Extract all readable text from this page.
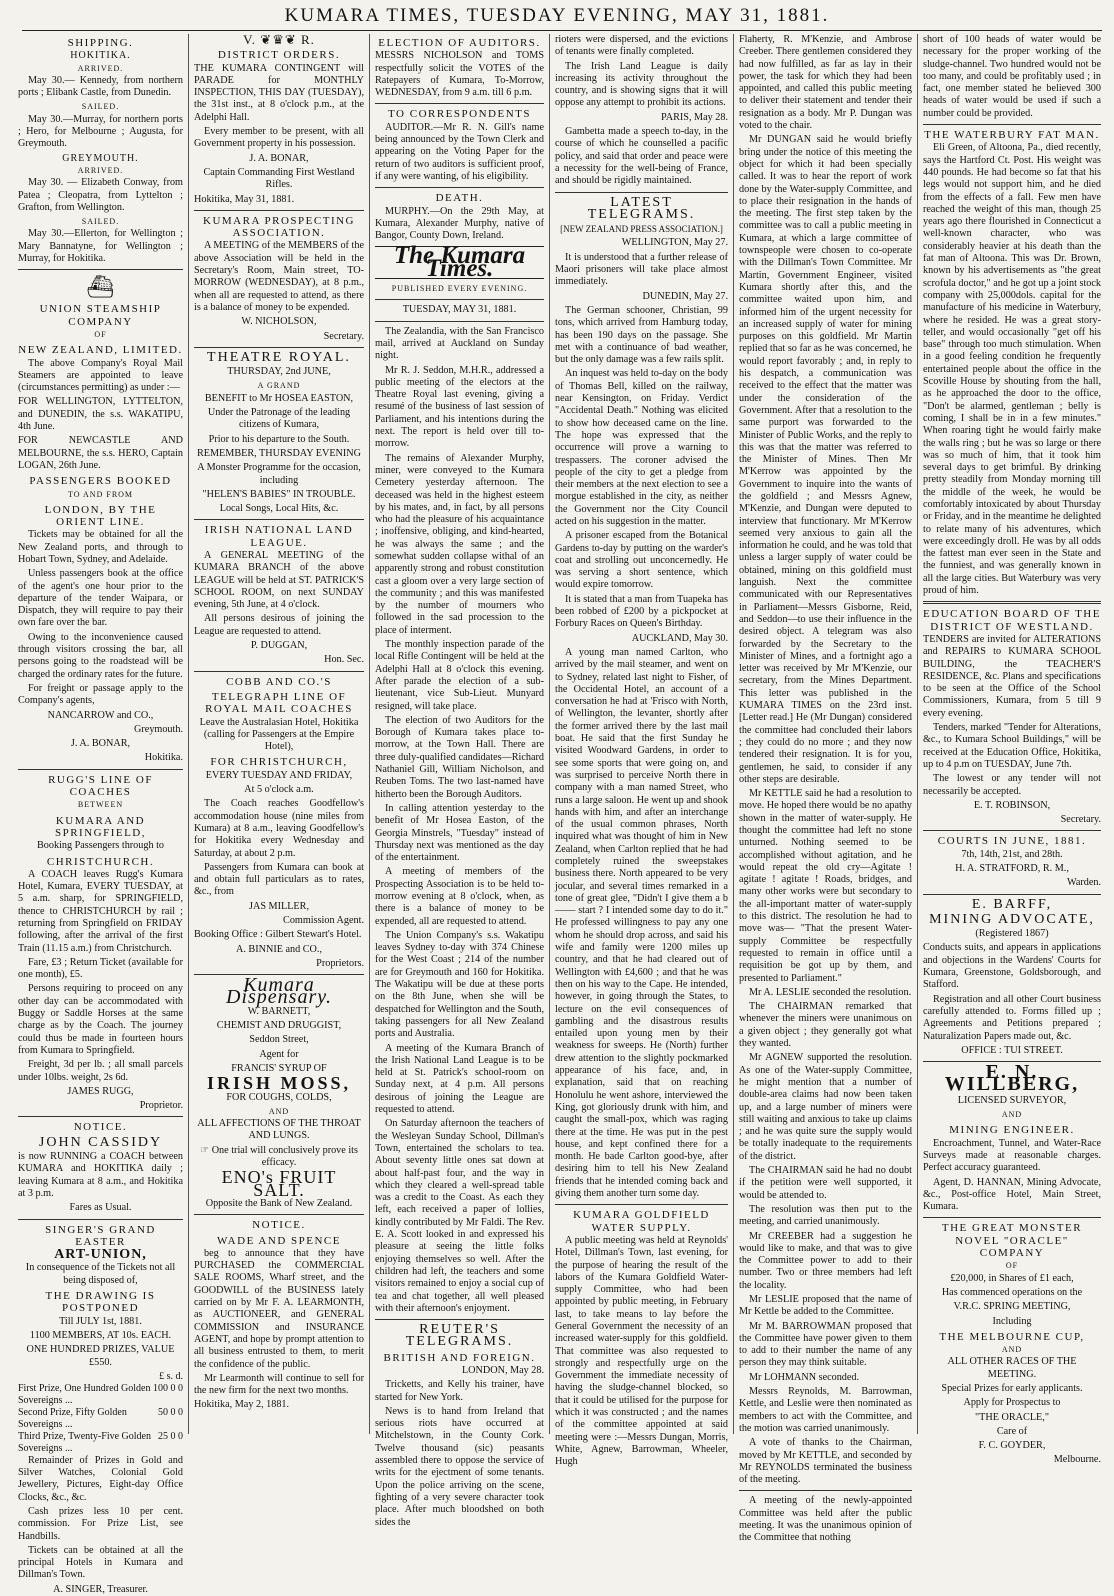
KUMARA TIMES, TUESDAY EVENING, MAY 31, 1881.
SHIPPING.
HOKITIKA.
ARRIVED.

May 30.— Kennedy, from northern ports ; Elibank Castle, from Dunedin.

SAILED.

May 30.—Murray, for northern ports ; Hero, for Melbourne ; Augusta, for Greymouth.

GREYMOUTH.
ARRIVED.

May 30. — Elizabeth Conway, from Patea ; Cleopatra, from Lyttelton ; Grafton, from Wellington.

SAILED.

May 30.—Ellerton, for Wellington ; Mary Bannatyne, for Wellington ; Murray, for Hokitika.

⛴
UNION STEAMSHIP COMPANY
OF
NEW ZEALAND, LIMITED.

The above Company's Royal Mail Steamers are appointed to leave (circumstances permitting) as under :—

FOR WELLINGTON, LYTTELTON, and DUNEDIN, the s.s. WAKATIPU, 4th June.

FOR NEWCASTLE AND MELBOURNE, the s.s. HERO, Captain LOGAN, 26th June.

PASSENGERS BOOKED
TO AND FROM
LONDON, BY THE ORIENT LINE.

Tickets may be obtained for all the New Zealand ports, and through to Hobart Town, Sydney, and Adelaide.

Unless passengers book at the office of the agent's one hour prior to the departure of the tender Waipara, or Dispatch, they will require to pay their own fare over the bar.

Owing to the inconvenience caused through visitors crossing the bar, all persons going to the roadstead will be charged the ordinary rates for the future.

For freight or passage apply to the Company's agents,

NANCARROW and CO.,

Greymouth.

J. A. BONAR,

Hokitika.

RUGG'S LINE OF COACHES
BETWEEN
KUMARA AND SPRINGFIELD,

Booking Passengers through to

CHRISTCHURCH.

A COACH leaves Rugg's Kumara Hotel, Kumara, EVERY TUESDAY, at 5 a.m. sharp, for SPRINGFIELD, thence to CHRISTCHURCH by rail ; returning from Springfield on FRIDAY following, after the arrival of the first Train (11.15 a.m.) from Christchurch.

Fare, £3 ; Return Ticket (available for one month), £5.

Persons requiring to proceed on any other day can be accommodated with Buggy or Saddle Horses at the same charge as by the Coach. The journey could thus be made in fourteen hours from Kumara to Springfield.

Freight, 3d per lb. ; all small parcels under 10lbs. weight, 2s 6d.

JAMES RUGG,

Proprietor.

NOTICE.
JOHN CASSIDY

is now RUNNING a COACH between KUMARA and HOKITIKA daily ; leaving Kumara at 8 a.m., and Hokitika at 3 p.m.

Fares as Usual.

SINGER'S GRAND EASTER
ART-UNION,

In consequence of the Tickets not all being disposed of,

THE DRAWING IS POSTPONED

Till JULY 1st, 1881.

1100 MEMBERS, AT 10s. EACH.

ONE HUNDRED PRIZES, VALUE £550.

	£ s. d.
First Prize, One Hundred Golden Sovereigns ...	100 0 0
Second Prize, Fifty Golden Sovereigns ...	50 0 0
Third Prize, Twenty-Five Golden Sovereigns ...	25 0 0

Remainder of Prizes in Gold and Silver Watches, Colonial Gold Jewellery, Pictures, Eight-day Office Clocks, &c., &c.

Cash prizes less 10 per cent. commission. For Prize List, see Handbills.

Tickets can be obtained at all the principal Hotels in Kumara and Dillman's Town.

A. SINGER, Treasurer.

V. ❦♛❦ R.
DISTRICT ORDERS.

THE KUMARA CONTINGENT will PARADE for MONTHLY INSPECTION, THIS DAY (TUESDAY), the 31st inst., at 8 o'clock p.m., at the Adelphi Hall.

Every member to be present, with all Government property in his possession.

J. A. BONAR,

Captain Commanding First Westland Rifles.

Hokitika, May 31, 1881.

KUMARA PROSPECTING ASSOCIATION.

A MEETING of the MEMBERS of the above Association will be held in the Secretary's Room, Main street, TO-MORROW (WEDNESDAY), at 8 p.m., when all are requested to attend, as there is a balance of money to be expended.

W. NICHOLSON,

Secretary.

THEATRE ROYAL.

THURSDAY, 2nd JUNE,

A GRAND

BENEFIT to Mr HOSEA EASTON,

Under the Patronage of the leading citizens of Kumara,

Prior to his departure to the South.

REMEMBER, THURSDAY EVENING

A Monster Programme for the occasion, including

"HELEN'S BABIES" IN TROUBLE.

Local Songs, Local Hits, &c.

IRISH NATIONAL LAND LEAGUE.

A GENERAL MEETING of the KUMARA BRANCH of the above LEAGUE will be held at ST. PATRICK'S SCHOOL ROOM, on next SUNDAY evening, 5th June, at 4 o'clock.

All persons desirous of joining the League are requested to attend.

P. DUGGAN,

Hon. Sec.

COBB AND CO.'S
TELEGRAPH LINE OF ROYAL MAIL COACHES

Leave the Australasian Hotel, Hokitika (calling for Passengers at the Empire Hotel),

FOR CHRISTCHURCH,

EVERY TUESDAY AND FRIDAY,

At 5 o'clock a.m.

The Coach reaches Goodfellow's accommodation house (nine miles from Kumara) at 8 a.m., leaving Goodfellow's for Hokitika every Wednesday and Saturday, at about 2 p.m.

Passengers from Kumara can book at and obtain full particulars as to rates, &c., from

JAS MILLER,

Commission Agent.

Booking Office : Gilbert Stewart's Hotel.

A. BINNIE and CO.,

Proprietors.

Kumara Dispensary.

W. BARNETT,

CHEMIST AND DRUGGIST,

Seddon Street,

Agent for

FRANCIS' SYRUP OF

IRISH MOSS,

FOR COUGHS, COLDS,

AND

ALL AFFECTIONS OF THE THROAT AND LUNGS.

☞ One trial will conclusively prove its efficacy.

ENO's FRUIT SALT.

Opposite the Bank of New Zealand.

NOTICE.
WADE AND SPENCE

beg to announce that they have PURCHASED the COMMERCIAL SALE ROOMS, Wharf street, and the GOODWILL of the BUSINESS lately carried on by Mr F. A. LEARMONTH, as AUCTIONEER, and GENERAL COMMISSION and INSURANCE AGENT, and hope by prompt attention to all business entrusted to them, to merit the confidence of the public.

Mr Learmonth will continue to sell for the new firm for the next two months.

Hokitika, May 2, 1881.

ELECTION OF AUDITORS.

MESSRS NICHOLSON and TOMS respectfully solicit the VOTES of the Ratepayers of Kumara, To-Morrow, WEDNESDAY, from 9 a.m. till 6 p.m.

TO CORRESPONDENTS

AUDITOR.—Mr R. N. Gill's name being announced by the Town Clerk and appearing on the Voting Paper for the return of two auditors is sufficient proof, if any were wanting, of his eligibility.

DEATH.

MURPHY.—On the 29th May, at Kumara, Alexander Murphy, native of Bangor, County Down, Ireland.

The Kumara Times.
PUBLISHED EVERY EVENING.

TUESDAY, MAY 31, 1881.

The Zealandia, with the San Francisco mail, arrived at Auckland on Sunday night.

Mr R. J. Seddon, M.H.R., addressed a public meeting of the electors at the Theatre Royal last evening, giving a resumé of the business of last session of Parliament, and his intentions during the next. The report is held over till to-morrow.

The remains of Alexander Murphy, miner, were conveyed to the Kumara Cemetery yesterday afternoon. The deceased was held in the highest esteem by his mates, and, in fact, by all persons who had the pleasure of his acquaintance ; inoffensive, obliging, and kind-hearted, he was always the same ; and the somewhat sudden collapse withal of an apparently strong and robust constitution cast a gloom over a very large section of the community ; and this was manifested by the number of mourners who followed in the sad procession to the place of interment.

The monthly inspection parade of the local Rifle Contingent will be held at the Adelphi Hall at 8 o'clock this evening. After parade the election of a sub-lieutenant, vice Sub-Lieut. Munyard resigned, will take place.

The election of two Auditors for the Borough of Kumara takes place to-morrow, at the Town Hall. There are three duly-qualified candidates—Richard Nathaniel Gill, William Nicholson, and Reuben Toms. The two last-named have hitherto been the Borough Auditors.

In calling attention yesterday to the benefit of Mr Hosea Easton, of the Georgia Minstrels, "Tuesday" instead of Thursday next was mentioned as the day of the entertainment.

A meeting of members of the Prospecting Association is to be held to-morrow evening at 8 o'clock, when, as there is a balance of money to be expended, all are requested to attend.

The Union Company's s.s. Wakatipu leaves Sydney to-day with 374 Chinese for the West Coast ; 214 of the number are for Greymouth and 160 for Hokitika. The Wakatipu will be due at these ports on the 8th June, when she will be despatched for Wellington and the South, taking passengers for all New Zealand ports and Australia.

A meeting of the Kumara Branch of the Irish National Land League is to be held at St. Patrick's school-room on Sunday next, at 4 p.m. All persons desirous of joining the League are requested to attend.

On Saturday afternoon the teachers of the Wesleyan Sunday School, Dillman's Town, entertained the scholars to tea. About seventy little ones sat down at about half-past four, and the way in which they cleared a well-spread table was a credit to the Coast. As each they left, each received a paper of lollies, kindly contributed by Mr Faldi. The Rev. E. A. Scott looked in and expressed his pleasure at seeing the little folks enjoying themselves so well. After the children had left, the teachers and some visitors remained to enjoy a social cup of tea and chat together, all well pleased with their afternoon's enjoyment.

REUTER'S TELEGRAMS.
BRITISH AND FOREIGN.

LONDON, May 28.

Tricketts, and Kelly his trainer, have started for New York.

News is to hand from Ireland that serious riots have occurred at Mitchelstown, in the County Cork. Twelve thousand (sic) peasants assembled there to oppose the service of writs for the ejectment of some tenants. Upon the police arriving on the scene, fighting of a very severe character took place. After much bloodshed on both sides the

rioters were dispersed, and the evictions of tenants were finally completed.

The Irish Land League is daily increasing its activity throughout the country, and is showing signs that it will oppose any attempt to prohibit its actions.

PARIS, May 28.

Gambetta made a speech to-day, in the course of which he counselled a pacific policy, and said that order and peace were a necessity for the well-being of France, and should be rigidly maintained.

LATEST TELEGRAMS.

[NEW ZEALAND PRESS ASSOCIATION.]

WELLINGTON, May 27.

It is understood that a further release of Maori prisoners will take place almost immediately.

DUNEDIN, May 27.

The German schooner, Christian, 99 tons, which arrived from Hamburg today, has been 190 days on the passage. She met with a continuance of bad weather, but the only damage was a few rails split.

An inquest was held to-day on the body of Thomas Bell, killed on the railway, near Kensington, on Friday. Verdict "Accidental Death." Nothing was elicited to show how deceased came on the line. The hope was expressed that the occurrence will prove a warning to trespassers. The coroner advised the people of the city to get a pledge from their members at the next election to see a morgue established in the city, as neither the Government nor the City Council acted on his suggestion in the matter.

A prisoner escaped from the Botanical Gardens to-day by putting on the warder's coat and strolling out unconcernedly. He was serving a short sentence, which would expire tomorrow.

It is stated that a man from Tuapeka has been robbed of £200 by a pickpocket at Forbury Races on Queen's Birthday.

AUCKLAND, May 30.

A young man named Carlton, who arrived by the mail steamer, and went on to Sydney, related last night to Fisher, of the Occidental Hotel, an account of a conversation he had at 'Frisco with North, of Wellington, the levanter, shortly after the former arrived there by the last mail boat. He said that the first Sunday he visited Woodward Gardens, in order to see some sports that were going on, and was surprised to perceive North there in company with a man named Street, who runs a large saloon. He went up and shook hands with him, and after an interchange of the usual common phrases, North inquired what was thought of him in New Zealand, when Carlton replied that he had completely ruined the sweepstakes business there. North appeared to be very jocular, and several times remarked in a tone of great glee, "Didn't I give them a b—— start ? I intended some day to do it." He professed willingness to pay any one whom he should drop across, and said his wife and family were 1200 miles up country, and that he had cleared out of Wellington with £4,600 ; and that he was then on his way to the Cape. He intended, however, in going through the States, to lecture on the evil consequences of gambling and the disastrous results entailed upon young men by their weakness for sweeps. He (North) further drew attention to the slightly pockmarked appearance of his face, and, in explanation, said that on reaching Honolulu he went ashore, interviewed the King, got gloriously drunk with him, and caught the small-pox, which was raging there at the time. He was put in the pest house, and kept confined there for a month. He bade Carlton good-bye, after desiring him to tell his New Zealand friends that he intended coming back and giving them another turn some day.

KUMARA GOLDFIELD WATER SUPPLY.

A public meeting was held at Reynolds' Hotel, Dillman's Town, last evening, for the purpose of hearing the result of the labors of the Kumara Goldfield Water-supply Committee, who had been appointed by public meeting, in February last, to take means to lay before the General Government the necessity of an increased water-supply for this goldfield. That committee was also requested to strongly and respectfully urge on the Government the immediate necessity of having the sludge-channel blocked, so that it could be utilised for the purpose for which it was constructed ; and the names of the committee appointed at said meeting were :—Messrs Dungan, Morris, White, Agnew, Barrowman, Wheeler, Hugh

Flaherty, R. M'Kenzie, and Ambrose Creeber. There gentlemen considered they had now fulfilled, as far as lay in their power, the task for which they had been appointed, and called this public meeting to deliver their statement and tender their resignation as a body. Mr P. Dungan was voted to the chair.

Mr DUNGAN said he would briefly bring under the notice of this meeting the object for which it had been specially called. It was to hear the report of work done by the Water-supply Committee, and to place their resignation in the hands of the meeting. The first step taken by the committee was to call a public meeting in Kumara, at which a large committee of townspeople were chosen to co-operate with the Dillman's Town Committee. Mr Martin, Government Engineer, visited Kumara shortly after this, and the committee waited upon him, and informed him of the urgent necessity for an increased supply of water for mining purposes on this goldfield. Mr Martin replied that so far as he was concerned, he would report favorably ; and, in reply to his despatch, a communication was received to the effect that the matter was under the consideration of the Government. After that a resolution to the same purport was forwarded to the Minister of Public Works, and the reply to this was that the matter was referred to the Minister of Mines. Then Mr M'Kerrow was appointed by the Government to inquire into the wants of the goldfield ; and Messrs Agnew, M'Kenzie, and Dungan were deputed to interview that functionary. Mr M'Kerrow seemed very anxious to gain all the information he could, and he was told that unless a larger supply of water could be obtained, mining on this goldfield must languish. Next the committee communicated with our Representatives in Parliament—Messrs Gisborne, Reid, and Seddon—to use their influence in the desired object. A telegram was also forwarded by the Secretary to the Minister of Mines, and a fortnight ago a letter was received by Mr M'Kenzie, our secretary, from the Mines Department. This letter was published in the KUMARA TIMES on the 23rd inst. [Letter read.] He (Mr Dungan) considered the committee had concluded their labors ; they could do no more ; and they now tendered their resignation. It is for you, gentlemen, he said, to consider if any other steps are desirable.

Mr KETTLE said he had a resolution to move. He hoped there would be no apathy shown in the matter of water-supply. He thought the committee had left no stone unturned. Nothing seemed to be accomplished without agitation, and he would repeat the old cry—Agitate ! agitate ! agitate ! Roads, bridges, and many other works were but secondary to the all-important matter of water-supply to this district. The resolution he had to move was— "That the present Water-supply Committee be respectfully requested to remain in office until a requisition be got up by them, and presented to Parliament."

Mr A. LESLIE seconded the resolution.

The CHAIRMAN remarked that whenever the miners were unanimous on a given object ; they generally got what they wanted.

Mr AGNEW supported the resolution. As one of the Water-supply Committee, he might mention that a number of double-area claims had now been taken up, and a large number of miners were still waiting and anxious to take up claims ; and he was quite sure the supply would be totally inadequate to the requirements of the district.

The CHAIRMAN said he had no doubt if the petition were well supported, it would be attended to.

The resolution was then put to the meeting, and carried unanimously.

Mr CREEBER had a suggestion he would like to make, and that was to give the Committee power to add to their number. Two or three members had left the locality.

Mr LESLIE proposed that the name of Mr Kettle be added to the Committee.

Mr M. BARROWMAN proposed that the Committee have power given to them to add to their number the name of any person they may think suitable.

Mr LOHMANN seconded.

Messrs Reynolds, M. Barrowman, Kettle, and Leslie were then nominated as members to act with the Committee, and the motion was carried unanimously.

A vote of thanks to the Chairman, moved by Mr KETTLE, and seconded by Mr REYNOLDS terminated the business of the meeting.

A meeting of the newly-appointed Committee was held after the public meeting. It was the unanimous opinion of the Committee that nothing

short of 100 heads of water would be necessary for the proper working of the sludge-channel. Two hundred would not be too many, and could be profitably used ; in fact, one member stated he believed 300 heads of water would be used if such a number could be provided.

THE WATERBURY FAT MAN.

Eli Green, of Altoona, Pa., died recently, says the Hartford Ct. Post. His weight was 440 pounds. He had become so fat that his legs would not support him, and he died from the effects of a fall. Few men have reached the weight of this man, though 25 years ago there flourished in Connecticut a well-known character, who was considerably heavier at his death than the fat man of Altoona. This was Dr. Brown, known by his advertisements as "the great scrofula doctor," and he got up a joint stock company with 25,000dols. capital for the manufacture of his medicine in Waterbury, where he resided. He was a great story-teller, and would occasionally "get off his base" through too much stimulation. When in a good feeling condition he frequently entertained people about the office in the Scoville House by shouting from the hall, as he approached the door to the office, "Don't be alarmed, gentleman ; belly is coming, I shall be in in a few minutes." When roaring tight he would fairly make the walls ring ; but he was so large or there was so much of him, that it took him several days to get brimful. By drinking pretty steadily from Monday morning till the middle of the week, he would be comfortably intoxicated by about Thursday or Friday, and in the meantime he delighted to relate many of his adventures, which were exceedingly droll. He was by all odds the fattest man ever seen in the State and the funniest, and was generally known in all the large cities. But Waterbury was very proud of him.

EDUCATION BOARD OF THE DISTRICT OF WESTLAND.

TENDERS are invited for ALTERATIONS and REPAIRS to KUMARA SCHOOL BUILDING, the TEACHER'S RESIDENCE, &c. Plans and specifications to be seen at the Office of the School Commissioners, Kumara, from 5 till 9 every evening.

Tenders, marked "Tender for Alterations, &c., to Kumara School Buildings," will be received at the Education Office, Hokitika, up to 4 p.m on TUESDAY, June 7th.

The lowest or any tender will not necessarily be accepted.

E. T. ROBINSON,

Secretary.

COURTS IN JUNE, 1881.

7th, 14th, 21st, and 28th.

H. A. STRATFORD, R. M.,

Warden.

E. BARFF,
MINING ADVOCATE,

(Registered 1867)

Conducts suits, and appears in applications and objections in the Wardens' Courts for Kumara, Greenstone, Goldsborough, and Stafford.

Registration and all other Court business carefully attended to. Forms filled up ; Agreements and Petitions prepared ; Naturalization Papers made out, &c.

OFFICE : TUI STREET.

E. N. WILLBERG,

LICENSED SURVEYOR,

AND
MINING ENGINEER.

Encroachment, Tunnel, and Water-Race Surveys made at reasonable charges. Perfect accuracy guaranteed.

Agent, D. HANNAN, Mining Advocate, &c., Post-office Hotel, Main Street, Kumara.

THE GREAT MONSTER NOVEL "ORACLE" COMPANY
OF

£20,000, in Shares of £1 each,

Has commenced operations on the

V.R.C. SPRING MEETING,

Including

THE MELBOURNE CUP,
AND

ALL OTHER RACES OF THE MEETING.

Special Prizes for early applicants.

Apply for Prospectus to

"THE ORACLE,"

Care of

F. C. GOYDER,

Melbourne.
